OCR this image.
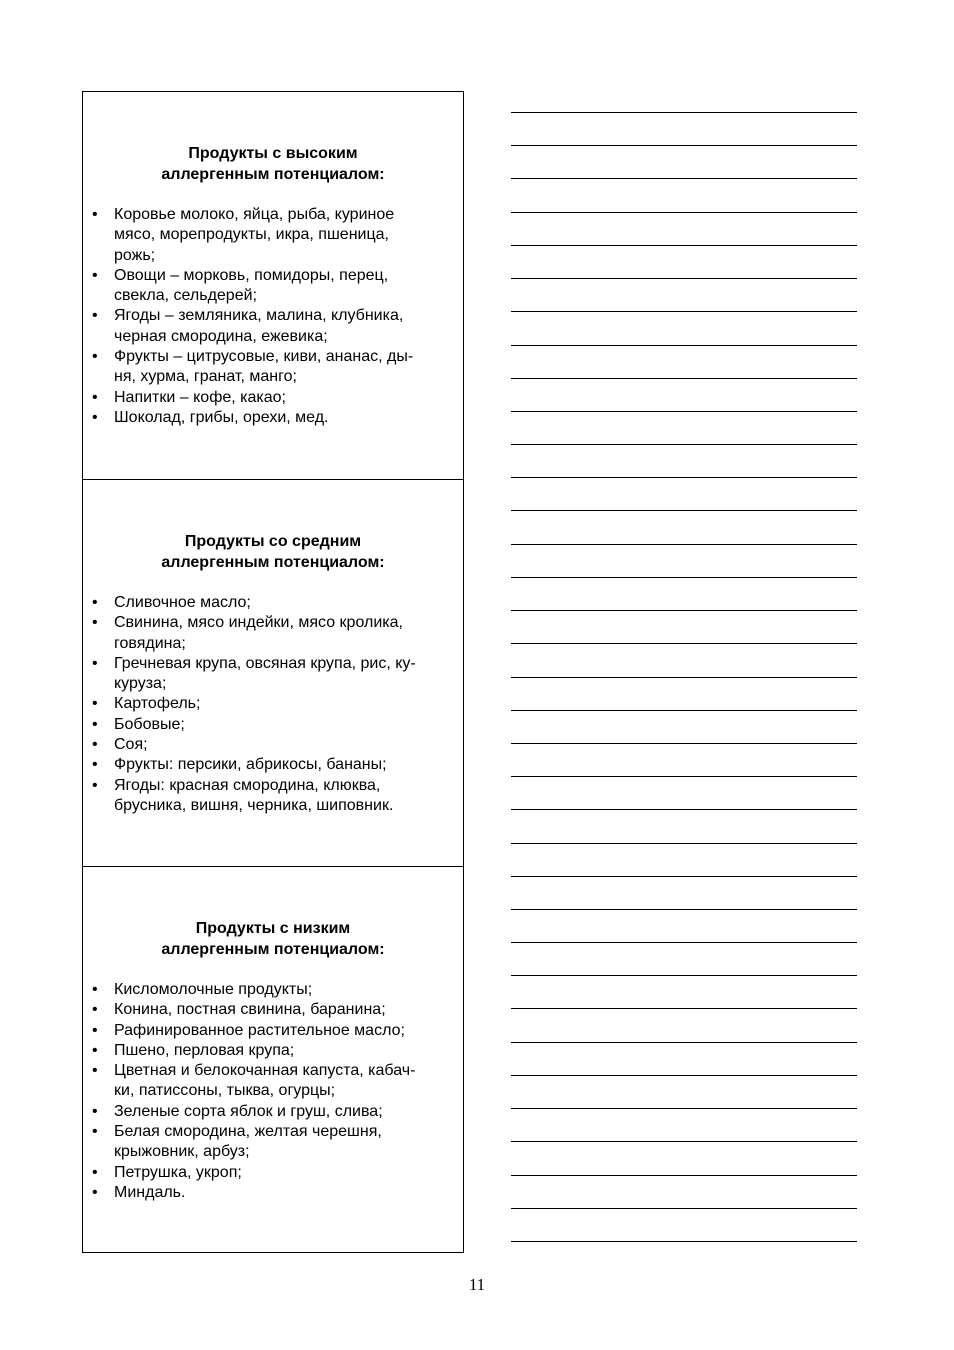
Продукты с высоким
аллергенным потенциалом:
• Коровье молоко, яйца, рыба, куриное
мясо, морепродукты, икра, пшеница,
рожь;
• Овощи – морковь, помидоры, перец,
свекла, сельдерей;
• Ягоды – земляника, малина, клубника,
черная смородина, ежевика;
• Фрукты – цитрусовые, киви, ананас, ды-
ня, хурма, гранат, манго;
• Напитки – кофе, какао;
• Шоколад, грибы, орехи, мед.
Продукты со средним
аллергенным потенциалом:
• Сливочное масло;
• Свинина, мясо индейки, мясо кролика,
говядина;
• Гречневая крупа, овсяная крупа, рис, ку-
куруза;
• Картофель;
• Бобовые;
• Соя;
• Фрукты: персики, абрикосы, бананы;
• Ягоды: красная смородина, клюква,
брусника, вишня, черника, шиповник.
Продукты с низким
аллергенным потенциалом:
• Кисломолочные продукты;
• Конина, постная свинина, баранина;
• Рафинированное растительное масло;
• Пшено, перловая крупа;
• Цветная и белокочанная капуста, кабач-
ки, патиссоны, тыква, огурцы;
• Зеленые сорта яблок и груш, слива;
• Белая смородина, желтая черешня,
крыжовник, арбуз;
• Петрушка, укроп;
• Миндаль.
11
